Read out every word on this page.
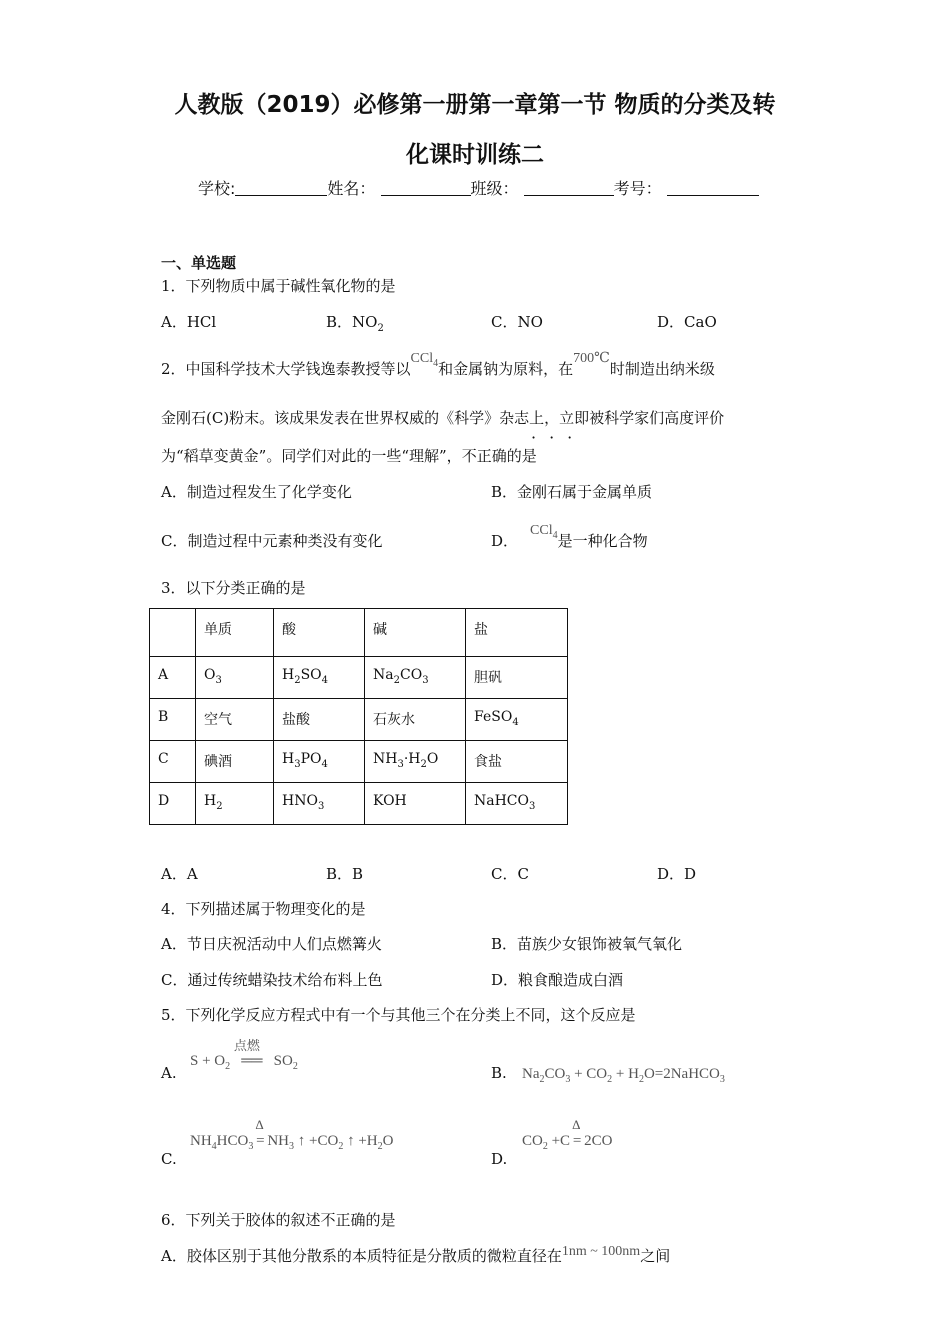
人教版（2019）必修第一册第一章第一节 物质的分类及转
化课时训练二
学校:	姓名：	班级：	考号：
一、单选题
1．下列物质中属于碱性氧化物的是
A．HCl	B．$NO_2$	C．NO	D．CaO
2．中国科学技术大学钱逸泰教授等以CCl$_4$和金属钠为原料，在700℃时制造出纳米级
金刚石(C)粉末。该成果发表在世界权威的《科学》杂志上，立即被科学家们高度评价
···
为“稻草变黄金”。同学们对此的一些“理解”，不正确的是
A．制造过程发生了化学变化	B．金刚石属于金属单质
C．制造过程中元素种类没有变化	D．CCl$_4$是一种化合物
3．以下分类正确的是
	单质	酸	碱	盐
A	$O_3$	$H_2SO_4$	$Na_2CO_3$	胆矾
B	空气	盐酸	石灰水	FeSO$_4$
C	碘酒	$H_3PO_4$	$NH_3\cdot H_2O$	食盐
D	$H_2$	$HNO_3$	KOH	NaHCO$_3$
A．A	B．B	C．C	D．D
4．下列描述属于物理变化的是
A．节日庆祝活动中人们点燃篝火	B．苗族少女银饰被氧气氧化
C．通过传统蜡染技术给布料上色	D．粮食酿造成白酒
5．下列化学反应方程式中有一个与其他三个在分类上不同，这个反应是
A.
$S + O_2$
点燃
══ $SO_2$	B. $Na_2CO_3 + CO_2$ + $H_2O=2NaHCO_3$
C.
$NH_4HCO_3$
Δ
= $NH_3$ ↑ $+CO_2$ ↑ $+H_2O$
D.
$CO_2 +C$
Δ
= 2CO
6．下列关于胶体的叙述不正确的是
A．胶体区别于其他分散系的本质特征是分散质的微粒直径在1nm ~ 100nm之间
